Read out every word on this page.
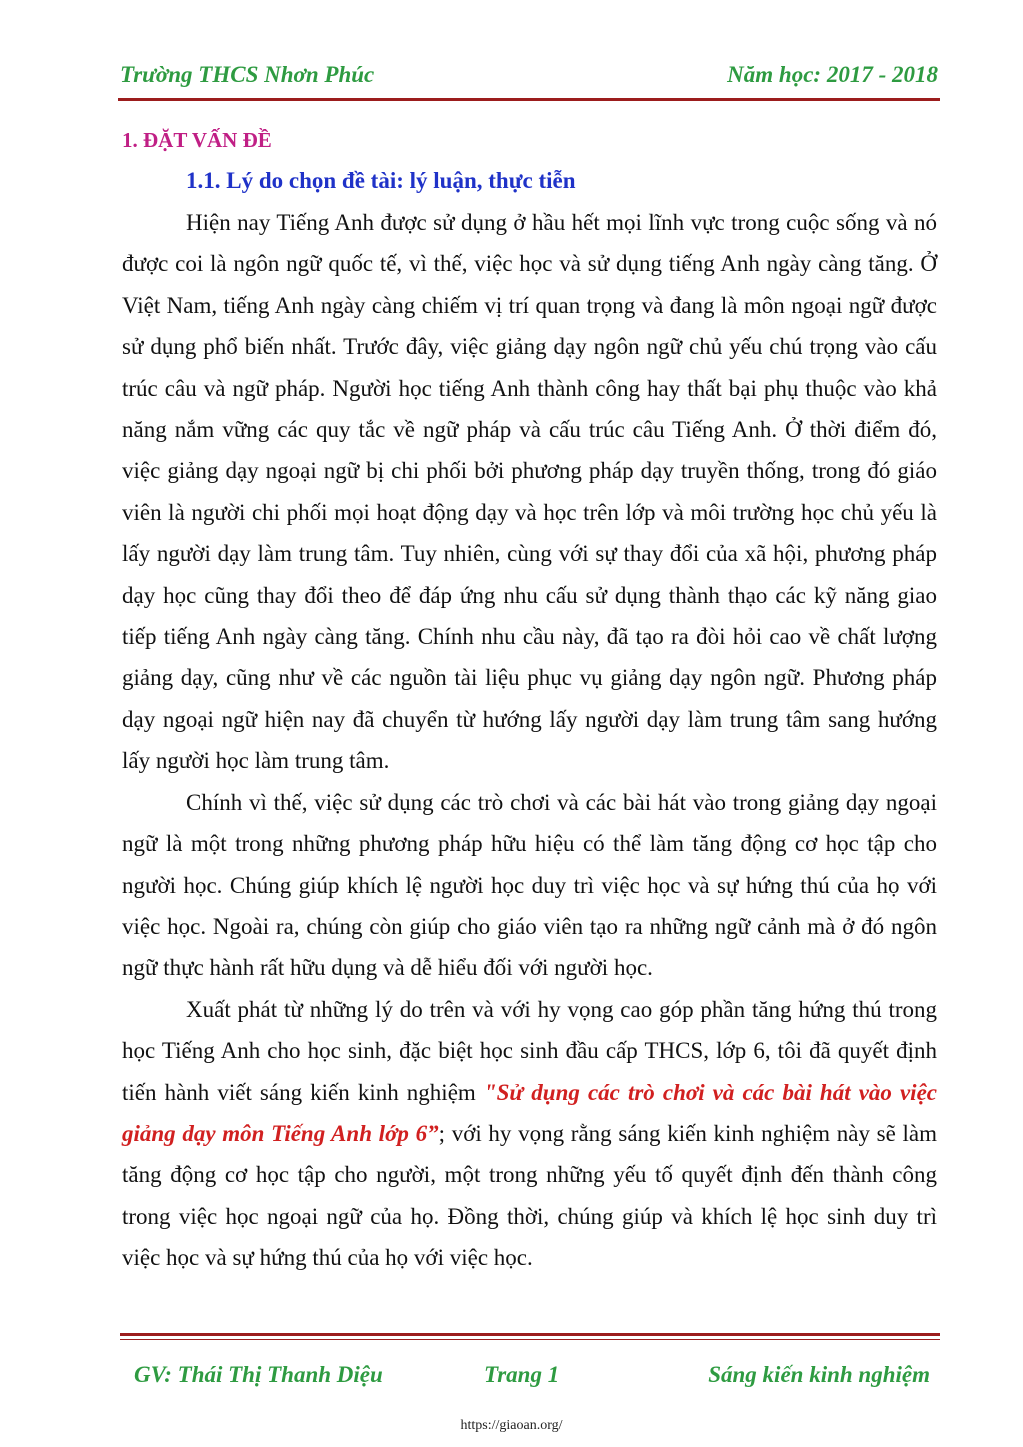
Trường THCS Nhơn Phúc	Năm học: 2017 - 2018
1. ĐẶT VẤN ĐỀ
1.1. Lý do chọn đề tài: lý luận, thực tiễn

Hiện nay Tiếng Anh được sử dụng ở hầu hết mọi lĩnh vực trong cuộc sống và nó được coi là ngôn ngữ quốc tế, vì thế, việc học và sử dụng tiếng Anh ngày càng tăng. Ở Việt Nam, tiếng Anh ngày càng chiếm vị trí quan trọng và đang là môn ngoại ngữ được sử dụng phổ biến nhất. Trước đây, việc giảng dạy ngôn ngữ chủ yếu chú trọng vào cấu trúc câu và ngữ pháp. Người học tiếng Anh thành công hay thất bại phụ thuộc vào khả năng nắm vững các quy tắc về ngữ pháp và cấu trúc câu Tiếng Anh. Ở thời điểm đó, việc giảng dạy ngoại ngữ bị chi phối bởi phương pháp dạy truyền thống, trong đó giáo viên là người chi phối mọi hoạt động dạy và học trên lớp và môi trường học chủ yếu là lấy người dạy làm trung tâm. Tuy nhiên, cùng với sự thay đổi của xã hội, phương pháp dạy học cũng thay đổi theo để đáp ứng nhu cấu sử dụng thành thạo các kỹ năng giao tiếp tiếng Anh ngày càng tăng. Chính nhu cầu này, đã tạo ra đòi hỏi cao về chất lượng giảng dạy, cũng như về các nguồn tài liệu phục vụ giảng dạy ngôn ngữ. Phương pháp dạy ngoại ngữ hiện nay đã chuyển từ hướng lấy người dạy làm trung tâm sang hướng lấy người học làm trung tâm.

Chính vì thế, việc sử dụng các trò chơi và các bài hát vào trong giảng dạy ngoại ngữ là một trong những phương pháp hữu hiệu có thể làm tăng động cơ học tập cho người học. Chúng giúp khích lệ người học duy trì việc học và sự hứng thú của họ với việc học. Ngoài ra, chúng còn giúp cho giáo viên tạo ra những ngữ cảnh mà ở đó ngôn ngữ thực hành rất hữu dụng và dễ hiểu đối với người học.

Xuất phát từ những lý do trên và với hy vọng cao góp phần tăng hứng thú trong học Tiếng Anh cho học sinh, đặc biệt học sinh đầu cấp THCS, lớp 6, tôi đã quyết định tiến hành viết sáng kiến kinh nghiệm "Sử dụng các trò chơi và các bài hát vào việc giảng dạy môn Tiếng Anh lớp 6”; với hy vọng rằng sáng kiến kinh nghiệm này sẽ làm tăng động cơ học tập cho người, một trong những yếu tố quyết định đến thành công trong việc học ngoại ngữ của họ. Đồng thời, chúng giúp và khích lệ học sinh duy trì việc học và sự hứng thú của họ với việc học.

GV: Thái Thị Thanh Diệu	Trang 1	Sáng kiến kinh nghiệm
https://giaoan.org/
